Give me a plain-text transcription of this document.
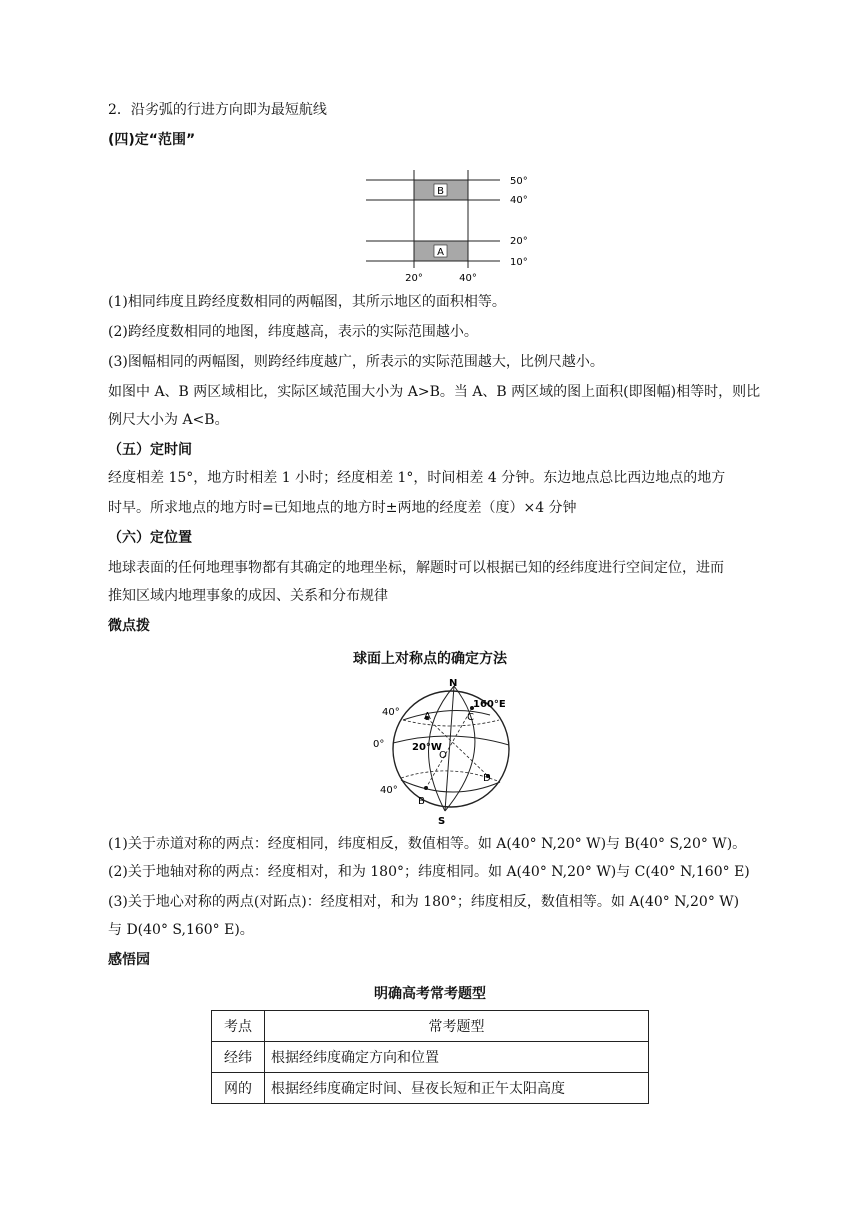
2．沿劣弧的行进方向即为最短航线
(四)定“范围”
B
A
50°
40°
20°
10°
20°	40°
(1)相同纬度且跨经度数相同的两幅图，其所示地区的面积相等。
(2)跨经度数相同的地图，纬度越高，表示的实际范围越小。
(3)图幅相同的两幅图，则跨经纬度越广，所表示的实际范围越大，比例尺越小。
如图中 A、B 两区域相比，实际区域范围大小为 A>B。当 A、B 两区域的图上面积(即图幅)相等时，则比
例尺大小为 A<B。
（五）定时间
经度相差 15°，地方时相差 1 小时；经度相差 1°，时间相差 4 分钟。东边地点总比西边地点的地方
时早。所求地点的地方时=已知地点的地方时±两地的经度差（度）×4 分钟
（六）定位置
地球表面的任何地理事物都有其确定的地理坐标，解题时可以根据已知的经纬度进行空间定位，进而
推知区域内地理事象的成因、关系和分布规律
微点拨
球面上对称点的确定方法
N
S
A
B
C
D
O
40°
0°
40°
20°W
160°E
(1)关于赤道对称的两点：经度相同，纬度相反，数值相等。如 A(40° N,20° W)与 B(40° S,20° W)。
(2)关于地轴对称的两点：经度相对，和为 180°；纬度相同。如 A(40° N,20° W)与 C(40° N,160° E)
(3)关于地心对称的两点(对跖点)：经度相对，和为 180°；纬度相反，数值相等。如 A(40° N,20° W)
与 D(40° S,160° E)。
感悟园
明确高考常考题型
考点	常考题型
经纬	根据经纬度确定方向和位置
网的	根据经纬度确定时间、昼夜长短和正午太阳高度
